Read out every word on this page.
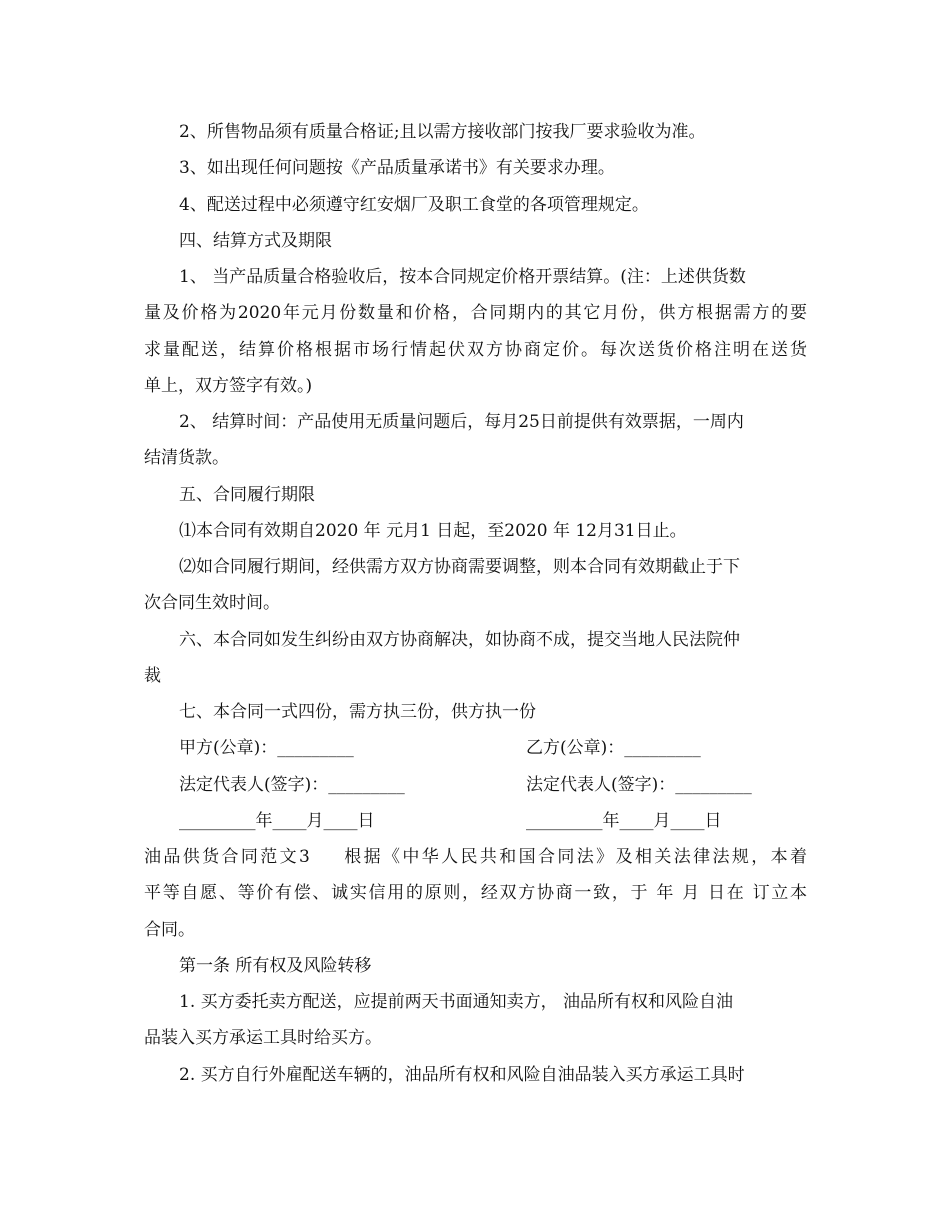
2、所售物品须有质量合格证;且以需方接收部门按我厂要求验收为准。
3、如出现任何问题按《产品质量承诺书》有关要求办理。
4、配送过程中必须遵守红安烟厂及职工食堂的各项管理规定。
四、结算方式及期限
1、 当产品质量合格验收后，按本合同规定价格开票结算。(注：上述供货数
量及价格为2020年元月份数量和价格，合同期内的其它月份，供方根据需方的要
求量配送，结算价格根据市场行情起伏双方协商定价。每次送货价格注明在送货
单上，双方签字有效。)
2、 结算时间：产品使用无质量问题后，每月25日前提供有效票据，一周内
结清货款。
五、合同履行期限
⑴本合同有效期自2020 年 元月1 日起，至2020 年 12月31日止。
⑵如合同履行期间，经供需方双方协商需要调整，则本合同有效期截止于下
次合同生效时间。
六、本合同如发生纠纷由双方协商解决，如协商不成，提交当地人民法院仲
裁
七、本合同一式四份，需方执三份，供方执一份
甲方(公章)：_________	乙方(公章)：_________
法定代表人(签字)：_________	法定代表人(签字)：_________
_________年____月____日	_________年____月____日
油品供货合同范文3 根据《中华人民共和国合同法》及相关法律法规，本着
平等自愿、等价有偿、诚实信用的原则，经双方协商一致，于 年 月 日在 订立本
合同。
第一条 所有权及风险转移
1. 买方委托卖方配送，应提前两天书面通知卖方， 油品所有权和风险自油
品装入买方承运工具时给买方。
2. 买方自行外雇配送车辆的，油品所有权和风险自油品装入买方承运工具时
